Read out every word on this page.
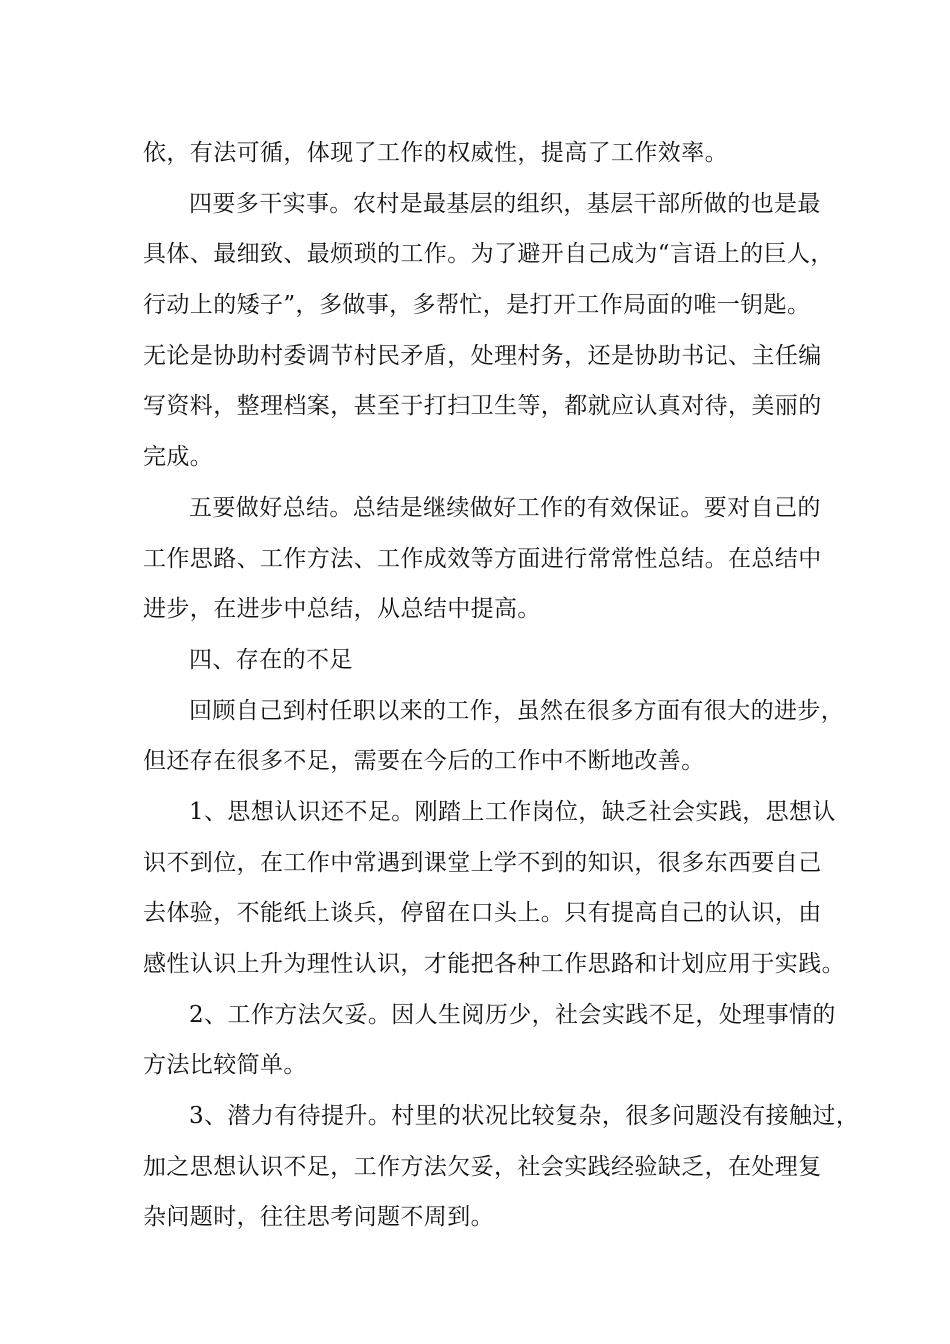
依，有法可循，体现了工作的权威性，提高了工作效率。
四要多干实事。农村是最基层的组织，基层干部所做的也是最
具体、最细致、最烦琐的工作。为了避开自己成为“言语上的巨人，
行动上的矮子”，多做事，多帮忙，是打开工作局面的唯一钥匙。
无论是协助村委调节村民矛盾，处理村务，还是协助书记、主任编
写资料，整理档案，甚至于打扫卫生等，都就应认真对待，美丽的
完成。
五要做好总结。总结是继续做好工作的有效保证。要对自己的
工作思路、工作方法、工作成效等方面进行常常性总结。在总结中
进步，在进步中总结，从总结中提高。
四、存在的不足
回顾自己到村任职以来的工作，虽然在很多方面有很大的进步，
但还存在很多不足，需要在今后的工作中不断地改善。
1、思想认识还不足。刚踏上工作岗位，缺乏社会实践，思想认
识不到位，在工作中常遇到课堂上学不到的知识，很多东西要自己
去体验，不能纸上谈兵，停留在口头上。只有提高自己的认识，由
感性认识上升为理性认识，才能把各种工作思路和计划应用于实践。
2、工作方法欠妥。因人生阅历少，社会实践不足，处理事情的
方法比较简单。
3、潜力有待提升。村里的状况比较复杂，很多问题没有接触过，
加之思想认识不足，工作方法欠妥，社会实践经验缺乏，在处理复
杂问题时，往往思考问题不周到。
